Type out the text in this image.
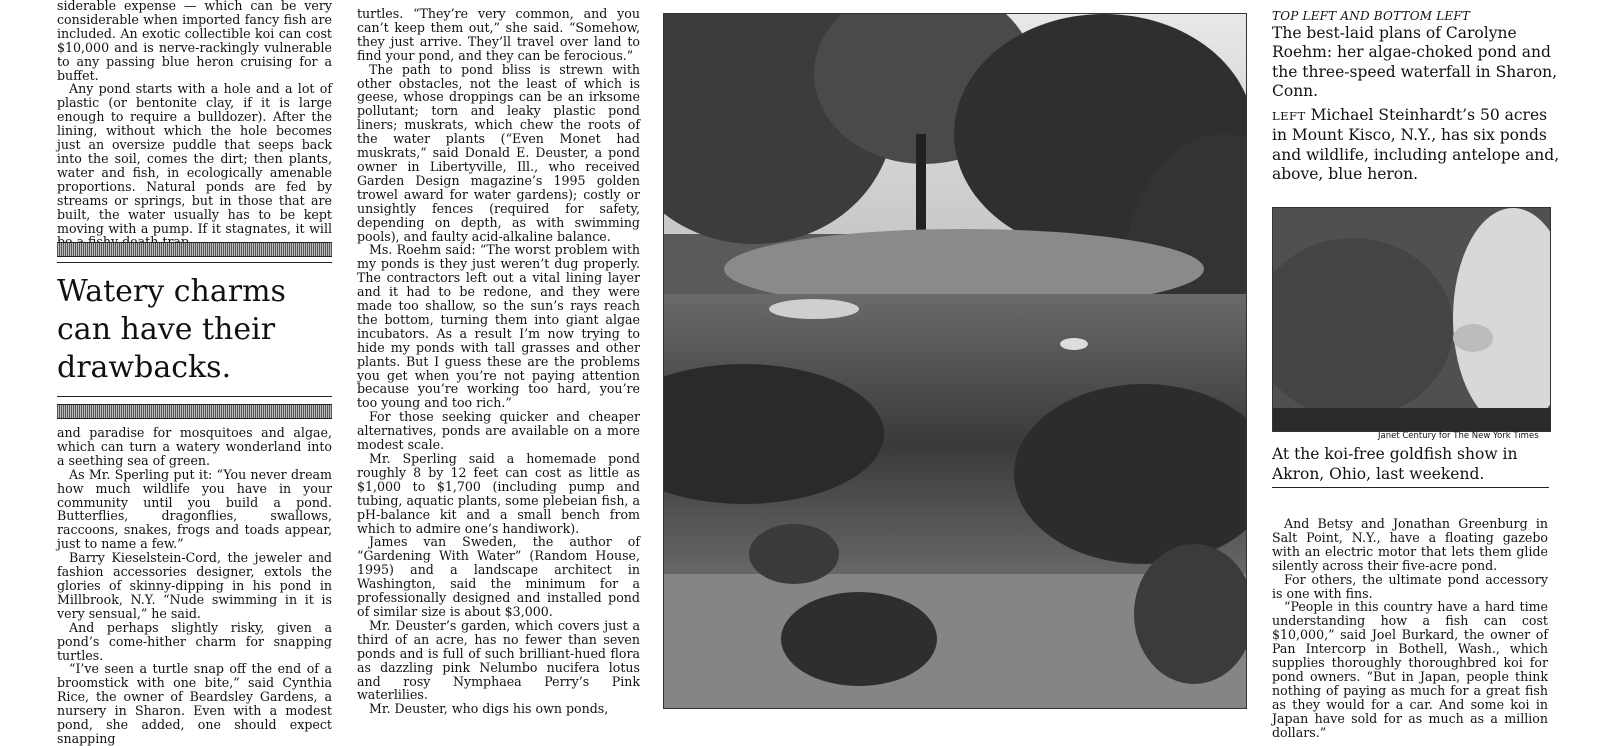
siderable expense — which can be very considerable when imported fancy fish are included. An exotic collectible koi can cost $10,000 and is nerve-rackingly vulnerable to any passing blue heron cruising for a buffet.

Any pond starts with a hole and a lot of plastic (or bentonite clay, if it is large enough to require a bulldozer). After the lining, without which the hole becomes just an oversize puddle that seeps back into the soil, comes the dirt; then plants, water and fish, in ecologically amenable proportions. Natural ponds are fed by streams or springs, but in those that are built, the water usually has to be kept moving with a pump. If it stagnates, it will

Watery charms can have their drawbacks.

and paradise for mosquitoes and algae, which can turn a watery wonderland into a seething sea of green.

As Mr. Sperling put it: “You never dream how much wildlife you have in your community until you build a pond. Butterflies, dragonflies, swallows, raccoons, snakes, frogs and toads appear, just to name a few.”

Barry Kieselstein-Cord, the jeweler and fashion accessories designer, extols the glories of skinny-dipping in his pond in Millbrook, N.Y. “Nude swimming in it is very sensual,” he said.

And perhaps slightly risky, given a pond’s come-hither charm for snapping turtles.

“I’ve seen a turtle snap off the end of a broomstick with one bite,” said Cynthia Rice, the owner of Beardsley Gardens, a nursery in Sharon. Even with a modest pond, she added, one should expect snapping

turtles. “They’re very common, and you can’t keep them out,” she said. “Somehow, they just arrive. They’ll travel over land to find your pond, and they can be ferocious.”

The path to pond bliss is strewn with other obstacles, not the least of which is geese, whose droppings can be an irksome pollutant; torn and leaky plastic pond liners; muskrats, which chew the roots of the water plants (“Even Monet had muskrats,” said Donald E. Deuster, a pond owner in Libertyville, Ill., who received Garden Design magazine’s 1995 golden trowel award for water gardens); costly or unsightly fences (required for safety, depending on depth, as with swimming pools), and faulty acid-alkaline balance.

Ms. Roehm said: “The worst problem with my ponds is they just weren’t dug properly. The contractors left out a vital lining layer and it had to be redone, and they were made too shallow, so the sun’s rays reach the bottom, turning them into giant algae incubators. As a result I’m now trying to hide my ponds with tall grasses and other plants. But I guess these are the problems you get when you’re not paying attention because you’re working too hard, you’re too young and too rich.”

For those seeking quicker and cheaper alternatives, ponds are available on a more modest scale.

Mr. Sperling said a homemade pond roughly 8 by 12 feet can cost as little as $1,000 to $1,700 (including pump and tubing, aquatic plants, some plebeian fish, a pH-balance kit and a small bench from which to admire one’s handiwork).

James van Sweden, the author of “Gardening With Water” (Random House, 1995) and a landscape architect in Washington, said the minimum for a professionally designed and installed pond of similar size is about $3,000.

Mr. Deuster’s garden, which covers just a third of an acre, has no fewer than seven ponds and is full of such brilliant-hued flora as dazzling pink Nelumbo nucifera lotus and rosy Nymphaea Perry’s Pink waterlilies.

Mr. Deuster, who digs his own ponds,

TOP LEFT AND BOTTOM LEFT
The best-laid plans of Carolyne Roehm: her algae-choked pond and the three-speed waterfall in Sharon, Conn.
LEFT Michael Steinhardt’s 50 acres in Mount Kisco, N.Y., has six ponds and wildlife, including antelope and, above, blue heron.
Janet Century for The New York Times
At the koi-free goldfish show in Akron, Ohio, last weekend.

And Betsy and Jonathan Greenburg in Salt Point, N.Y., have a floating gazebo with an electric motor that lets them glide silently across their five-acre pond.

For others, the ultimate pond accessory is one with fins.

“People in this country have a hard time understanding how a fish can cost $10,000,” said Joel Burkard, the owner of Pan Intercorp in Bothell, Wash., which supplies thoroughly thoroughbred koi for pond owners. “But in Japan, people think nothing of paying as much for a great fish as they would for a car. And some koi in Japan have sold for as much as a million dollars.”
